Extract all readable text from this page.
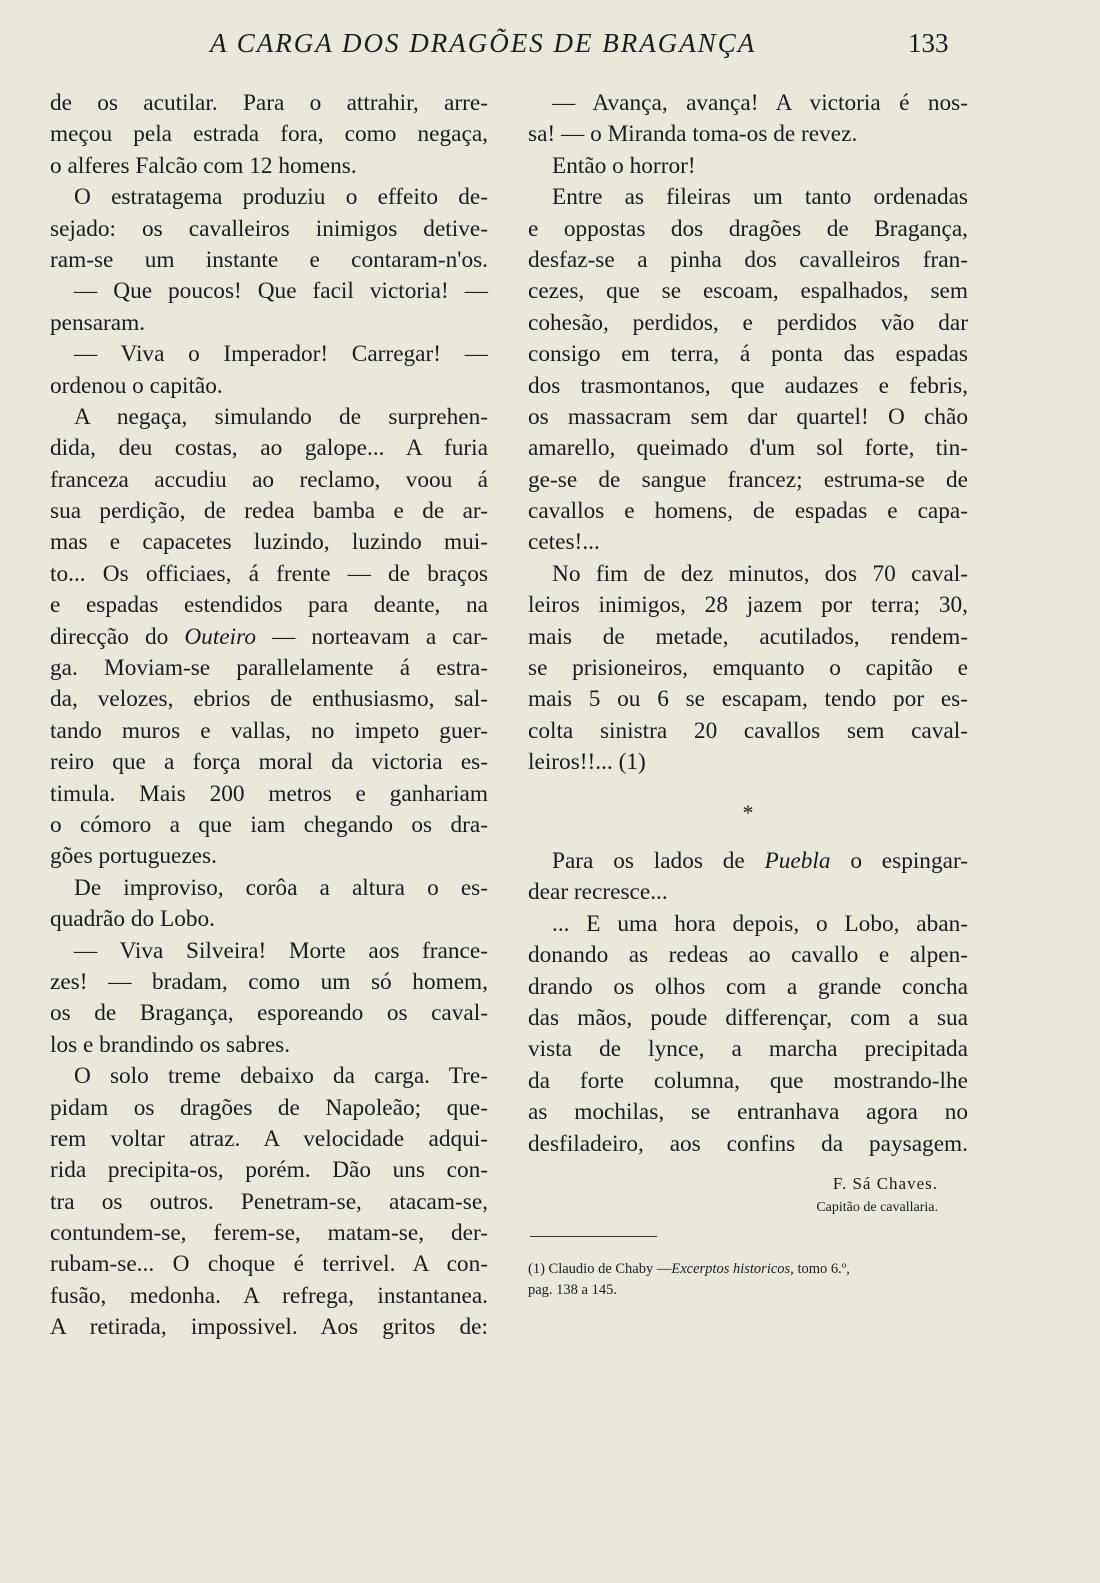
A CARGA DOS DRAGÕES DE BRAGANÇA	133
de os acutilar. Para o attrahir, arre-
meçou pela estrada fora, como negaça,
o alferes Falcão com 12 homens.
O estratagema produziu o effeito de-
sejado: os cavalleiros inimigos detive-
ram-se um instante e contaram-n'os.
— Que poucos! Que facil victoria! —
pensaram.
— Viva o Imperador! Carregar! —
ordenou o capitão.
A negaça, simulando de surprehen-
dida, deu costas, ao galope... A furia
franceza accudiu ao reclamo, voou á
sua perdição, de redea bamba e de ar-
mas e capacetes luzindo, luzindo mui-
to... Os officiaes, á frente — de braços
e espadas estendidos para deante, na
direcção do Outeiro — norteavam a car-
ga. Moviam-se parallelamente á estra-
da, velozes, ebrios de enthusiasmo, sal-
tando muros e vallas, no impeto guer-
reiro que a força moral da victoria es-
timula. Mais 200 metros e ganhariam
o cómoro a que iam chegando os dra-
gões portuguezes.
De improviso, corôa a altura o es-
quadrão do Lobo.
— Viva Silveira! Morte aos france-
zes! — bradam, como um só homem,
os de Bragança, esporeando os caval-
los e brandindo os sabres.
O solo treme debaixo da carga. Tre-
pidam os dragões de Napoleão; que-
rem voltar atraz. A velocidade adqui-
rida precipita-os, porém. Dão uns con-
tra os outros. Penetram-se, atacam-se,
contundem-se, ferem-se, matam-se, der-
rubam-se... O choque é terrivel. A con-
fusão, medonha. A refrega, instantanea.
A retirada, impossivel. Aos gritos de:
— Avança, avança! A victoria é nos-
sa! — o Miranda toma-os de revez.
Então o horror!
Entre as fileiras um tanto ordenadas
e oppostas dos dragões de Bragança,
desfaz-se a pinha dos cavalleiros fran-
cezes, que se escoam, espalhados, sem
cohesão, perdidos, e perdidos vão dar
consigo em terra, á ponta das espadas
dos trasmontanos, que audazes e febris,
os massacram sem dar quartel! O chão
amarello, queimado d'um sol forte, tin-
ge-se de sangue francez; estruma-se de
cavallos e homens, de espadas e capa-
cetes!...
No fim de dez minutos, dos 70 caval-
leiros inimigos, 28 jazem por terra; 30,
mais de metade, acutilados, rendem-
se prisioneiros, emquanto o capitão e
mais 5 ou 6 se escapam, tendo por es-
colta sinistra 20 cavallos sem caval-
leiros!!... (1)
*
Para os lados de Puebla o espingar-
dear recresce...
... E uma hora depois, o Lobo, aban-
donando as redeas ao cavallo e alpen-
drando os olhos com a grande concha
das mãos, poude differençar, com a sua
vista de lynce, a marcha precipitada
da forte columna, que mostrando-lhe
as mochilas, se entranhava agora no
desfiladeiro, aos confins da paysagem.
F. Sá Chaves.
Capitão de cavallaria.
(1) Claudio de Chaby —Excerptos historicos, tomo 6.º,
pag. 138 a 145.
